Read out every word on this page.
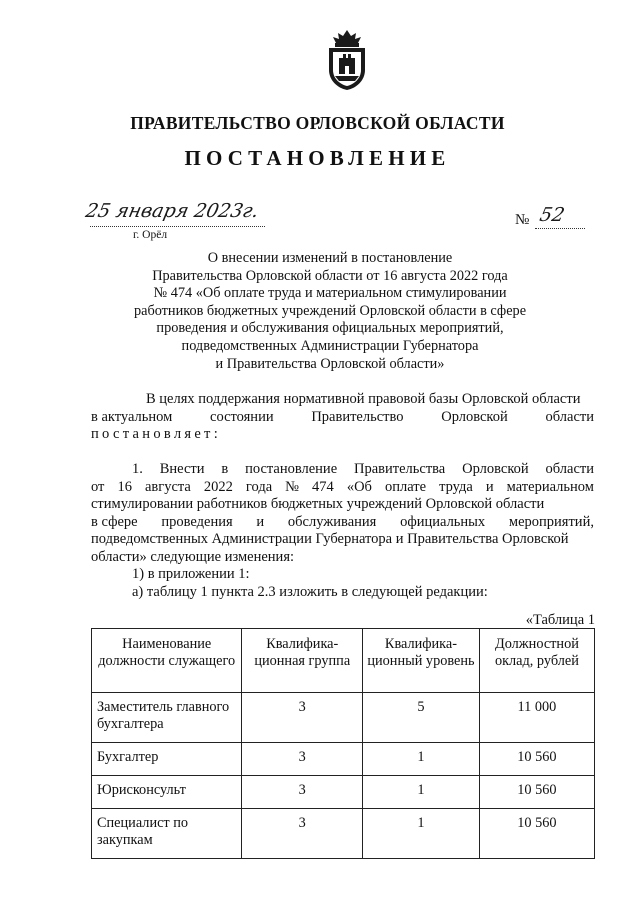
ПРАВИТЕЛЬСТВО ОРЛОВСКОЙ ОБЛАСТИ
ПОСТАНОВЛЕНИЕ
25 января 2023г.
г. Орёл
№ 52
О внесении изменений в постановление
Правительства Орловской области от 16 августа 2022 года
№ 474 «Об оплате труда и материальном стимулировании
работников бюджетных учреждений Орловской области в сфере
проведения и обслуживания официальных мероприятий,
подведомственных Администрации Губернатора
и Правительства Орловской области»
В целях поддержания нормативной правовой базы Орловской области
в актуальном	состоянии	Правительство	Орловской	области
постановляет:
1. Внести в постановление Правительства Орловской области
от 16 августа 2022 года № 474 «Об оплате труда и материальном
стимулировании работников бюджетных учреждений Орловской области
в сфере проведения и обслуживания официальных мероприятий,
подведомственных Администрации Губернатора и Правительства Орловской
области» следующие изменения:
1) в приложении 1:
а) таблицу 1 пункта 2.3 изложить в следующей редакции:
«Таблица 1
Наименование должности служащего	Квалифика-ционная группа	Квалифика-ционный уровень	Должностной оклад, рублей
Заместитель главного бухгалтера	3	5	11 000
Бухгалтер	3	1	10 560
Юрисконсульт	3	1	10 560
Специалист по закупкам	3	1	10 560
